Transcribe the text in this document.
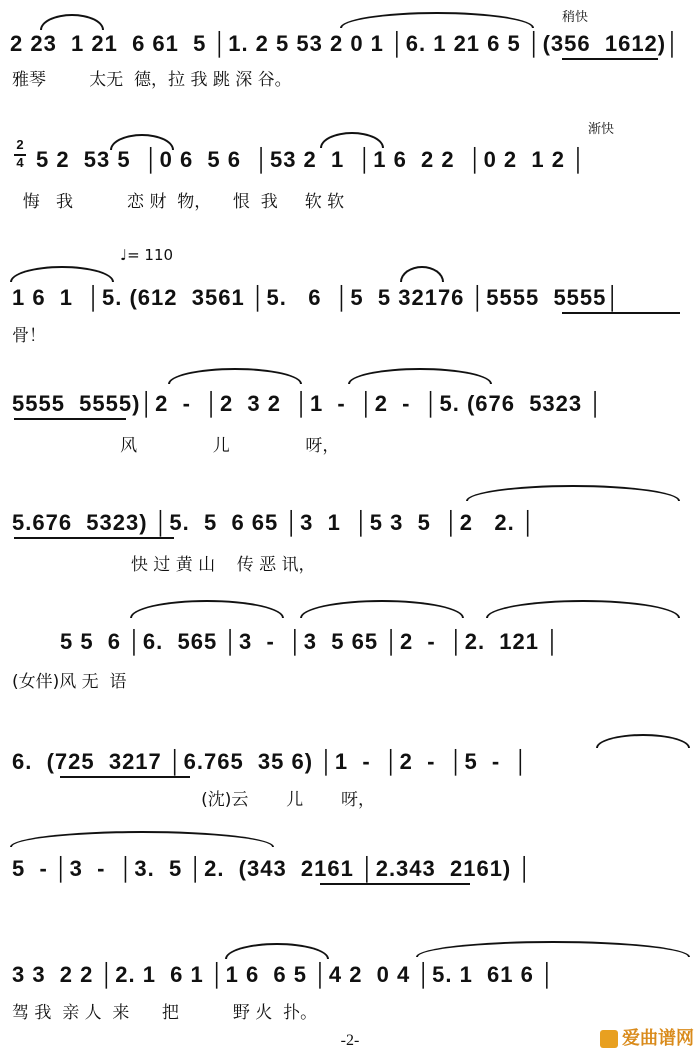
稍快
2 23  1 21  6 61  5 │1. 2 5 53 2 0 1 │6. 1 21 6 5 │(356  1612)│
雅琴        太无  德，拉 我 跳 深 谷。
渐快
2
4 5 2  53 5  │0 6  5 6  │53 2  1  │1 6  2 2  │0 2  1 2 │
悔   我          恋 财  物，    恨  我     软 软
♩= 110
1 6  1  │5. (612  3561 │5.   6  │5  5 32176 │5555  5555│
骨！
5555  5555)│2  -  │2  3 2  │1  -  │2  -  │5. (676  5323 │
风              儿              呀，
5.676  5323) │5.  5  6 65 │3  1  │5 3  5  │2   2. │
快 过 黄 山    传 恶 讯，
5 5  6 │6.  565 │3  -  │3  5 65 │2  -  │2.  121 │
(女伴)风 无  语
6.  (725  3217 │6.765  35 6) │1  -  │2  -  │5  -  │
(沈)云       儿       呀，
5  - │3  -  │3.  5 │2.  (343  2161 │2.343  2161) │
3 3  2 2 │2. 1  6 1 │1 6  6 5 │4 2  0 4 │5. 1  61 6 │
驾 我  亲 人  来      把          野 火  扑。
-2-	爱曲谱网
